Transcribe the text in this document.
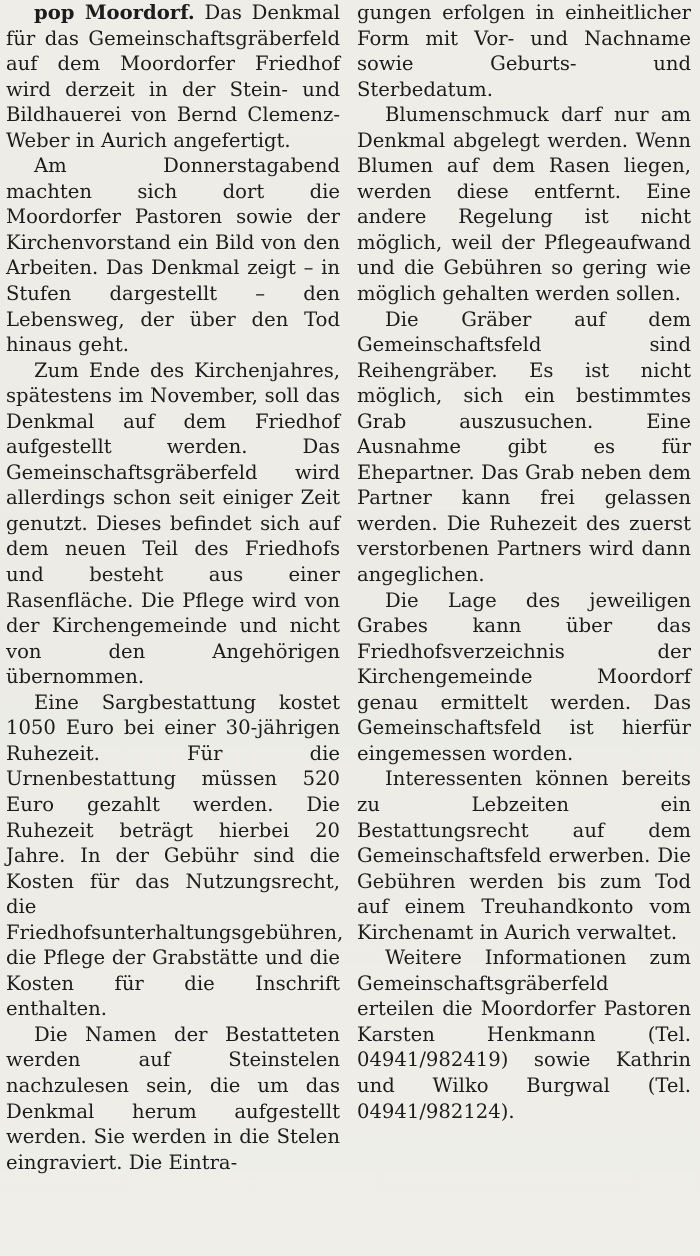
pop Moordorf. Das Denkmal für das Gemeinschaftsgräberfeld auf dem Moordorfer Friedhof wird derzeit in der Stein- und Bildhauerei von Bernd Clemenz-Weber in Aurich angefertigt.

Am Donnerstagabend machten sich dort die Moordorfer Pastoren sowie der Kirchenvorstand ein Bild von den Arbeiten. Das Denkmal zeigt – in Stufen dargestellt – den Lebensweg, der über den Tod hinaus geht.

Zum Ende des Kirchenjahres, spätestens im November, soll das Denkmal auf dem Friedhof aufgestellt werden. Das Gemeinschaftsgräberfeld wird allerdings schon seit einiger Zeit genutzt. Dieses befindet sich auf dem neuen Teil des Friedhofs und besteht aus einer Rasenfläche. Die Pflege wird von der Kirchengemeinde und nicht von den Angehörigen übernommen.

Eine Sargbestattung kostet 1050 Euro bei einer 30-jährigen Ruhezeit. Für die Urnenbestattung müssen 520 Euro gezahlt werden. Die Ruhezeit beträgt hierbei 20 Jahre. In der Gebühr sind die Kosten für das Nutzungsrecht, die Friedhofsunterhaltungsgebühren, die Pflege der Grabstätte und die Kosten für die Inschrift enthalten.

Die Namen der Bestatteten werden auf Steinstelen nachzulesen sein, die um das Denkmal herum aufgestellt werden. Sie werden in die Stelen eingraviert. Die Eintra-

gungen erfolgen in einheitlicher Form mit Vor- und Nachname sowie Geburts- und Sterbedatum.

Blumenschmuck darf nur am Denkmal abgelegt werden. Wenn Blumen auf dem Rasen liegen, werden diese entfernt. Eine andere Regelung ist nicht möglich, weil der Pflegeaufwand und die Gebühren so gering wie möglich gehalten werden sollen.

Die Gräber auf dem Gemeinschaftsfeld sind Reihengräber. Es ist nicht möglich, sich ein bestimmtes Grab auszusuchen. Eine Ausnahme gibt es für Ehepartner. Das Grab neben dem Partner kann frei gelassen werden. Die Ruhezeit des zuerst verstorbenen Partners wird dann angeglichen.

Die Lage des jeweiligen Grabes kann über das Friedhofsverzeichnis der Kirchengemeinde Moordorf genau ermittelt werden. Das Gemeinschaftsfeld ist hierfür eingemessen worden.

Interessenten können bereits zu Lebzeiten ein Bestattungsrecht auf dem Gemeinschaftsfeld erwerben. Die Gebühren werden bis zum Tod auf einem Treuhandkonto vom Kirchenamt in Aurich verwaltet.

Weitere Informationen zum Gemeinschaftsgräberfeld erteilen die Moordorfer Pastoren Karsten Henkmann (Tel. 04941/982419) sowie Kathrin und Wilko Burgwal (Tel. 04941/982124).
